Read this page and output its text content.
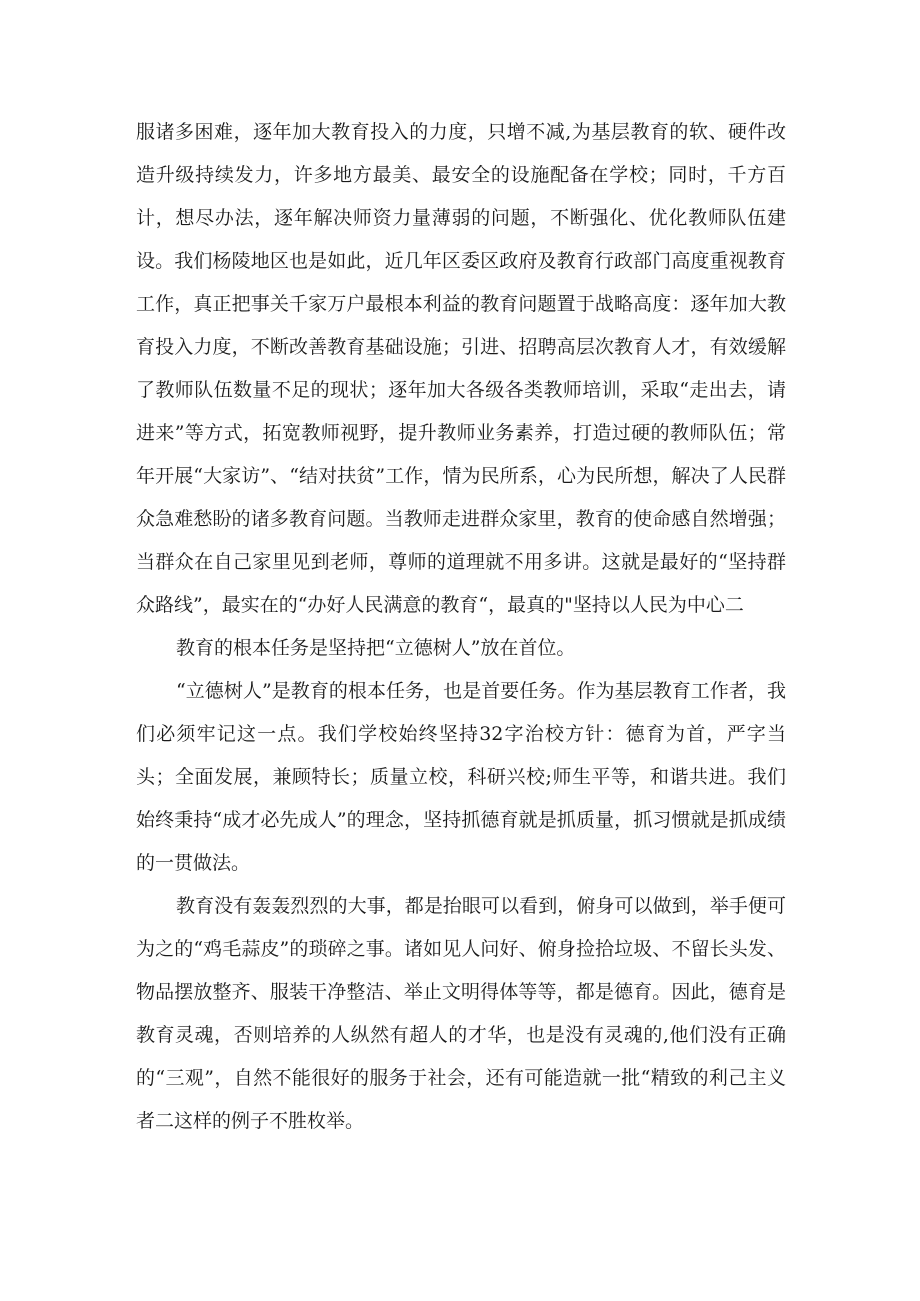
服诸多困难，逐年加大教育投入的力度，只增不减,为基层教育的软、硬件改造升级持续发力，许多地方最美、最安全的设施配备在学校；同时，千方百计，想尽办法，逐年解决师资力量薄弱的问题，不断强化、优化教师队伍建设。我们杨陵地区也是如此，近几年区委区政府及教育行政部门高度重视教育工作，真正把事关千家万户最根本利益的教育问题置于战略高度：逐年加大教育投入力度，不断改善教育基础设施；引进、招聘高层次教育人才，有效缓解了教师队伍数量不足的现状；逐年加大各级各类教师培训，采取“走出去，请进来”等方式，拓宽教师视野，提升教师业务素养，打造过硬的教师队伍；常年开展“大家访”、“结对扶贫”工作，情为民所系，心为民所想，解决了人民群众急难愁盼的诸多教育问题。当教师走进群众家里，教育的使命感自然增强；当群众在自己家里见到老师，尊师的道理就不用多讲。这就是最好的“坚持群众路线”，最实在的“办好人民满意的教育“，最真的"坚持以人民为中心二

教育的根本任务是坚持把“立德树人”放在首位。

“立德树人”是教育的根本任务，也是首要任务。作为基层教育工作者，我们必须牢记这一点。我们学校始终坚持32字治校方针：德育为首，严字当头；全面发展，兼顾特长；质量立校，科研兴校;师生平等，和谐共进。我们始终秉持“成才必先成人”的理念，坚持抓德育就是抓质量，抓习惯就是抓成绩的一贯做法。

教育没有轰轰烈烈的大事，都是抬眼可以看到，俯身可以做到，举手便可为之的“鸡毛蒜皮”的琐碎之事。诸如见人问好、俯身捡拾垃圾、不留长头发、物品摆放整齐、服装干净整洁、举止文明得体等等，都是德育。因此，德育是教育灵魂，否则培养的人纵然有超人的才华，也是没有灵魂的,他们没有正确的“三观”，自然不能很好的服务于社会，还有可能造就一批“精致的利己主义者二这样的例子不胜枚举。
